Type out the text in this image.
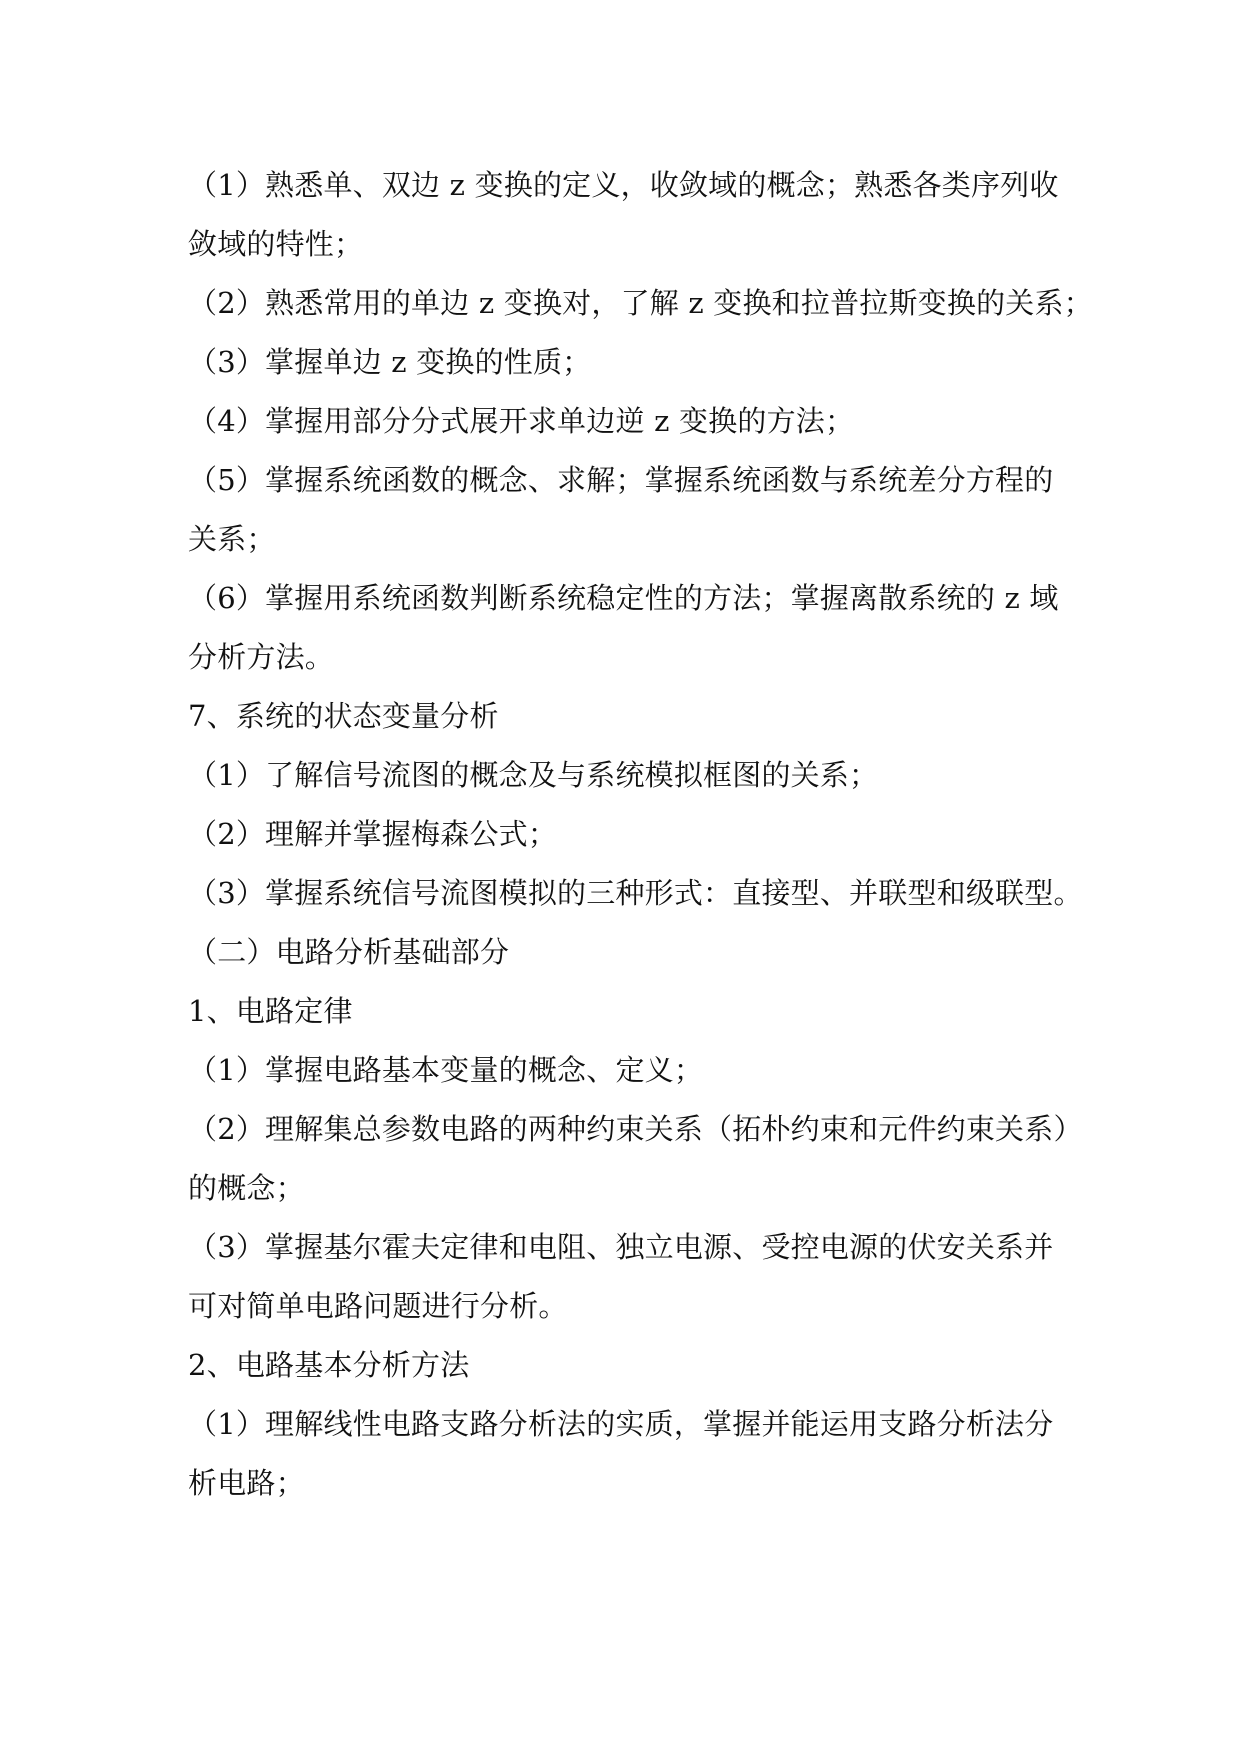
（1）熟悉单、双边 z 变换的定义，收敛域的概念；熟悉各类序列收
敛域的特性；
（2）熟悉常用的单边 z 变换对，了解 z 变换和拉普拉斯变换的关系；
（3）掌握单边 z 变换的性质；
（4）掌握用部分分式展开求单边逆 z 变换的方法；
（5）掌握系统函数的概念、求解；掌握系统函数与系统差分方程的
关系；
（6）掌握用系统函数判断系统稳定性的方法；掌握离散系统的 z 域
分析方法。
7、系统的状态变量分析
（1）了解信号流图的概念及与系统模拟框图的关系；
（2）理解并掌握梅森公式；
（3）掌握系统信号流图模拟的三种形式：直接型、并联型和级联型。
（二）电路分析基础部分
1、电路定律
（1）掌握电路基本变量的概念、定义；
（2）理解集总参数电路的两种约束关系（拓朴约束和元件约束关系）
的概念；
（3）掌握基尔霍夫定律和电阻、独立电源、受控电源的伏安关系并
可对简单电路问题进行分析。
2、电路基本分析方法
（1）理解线性电路支路分析法的实质，掌握并能运用支路分析法分
析电路；
